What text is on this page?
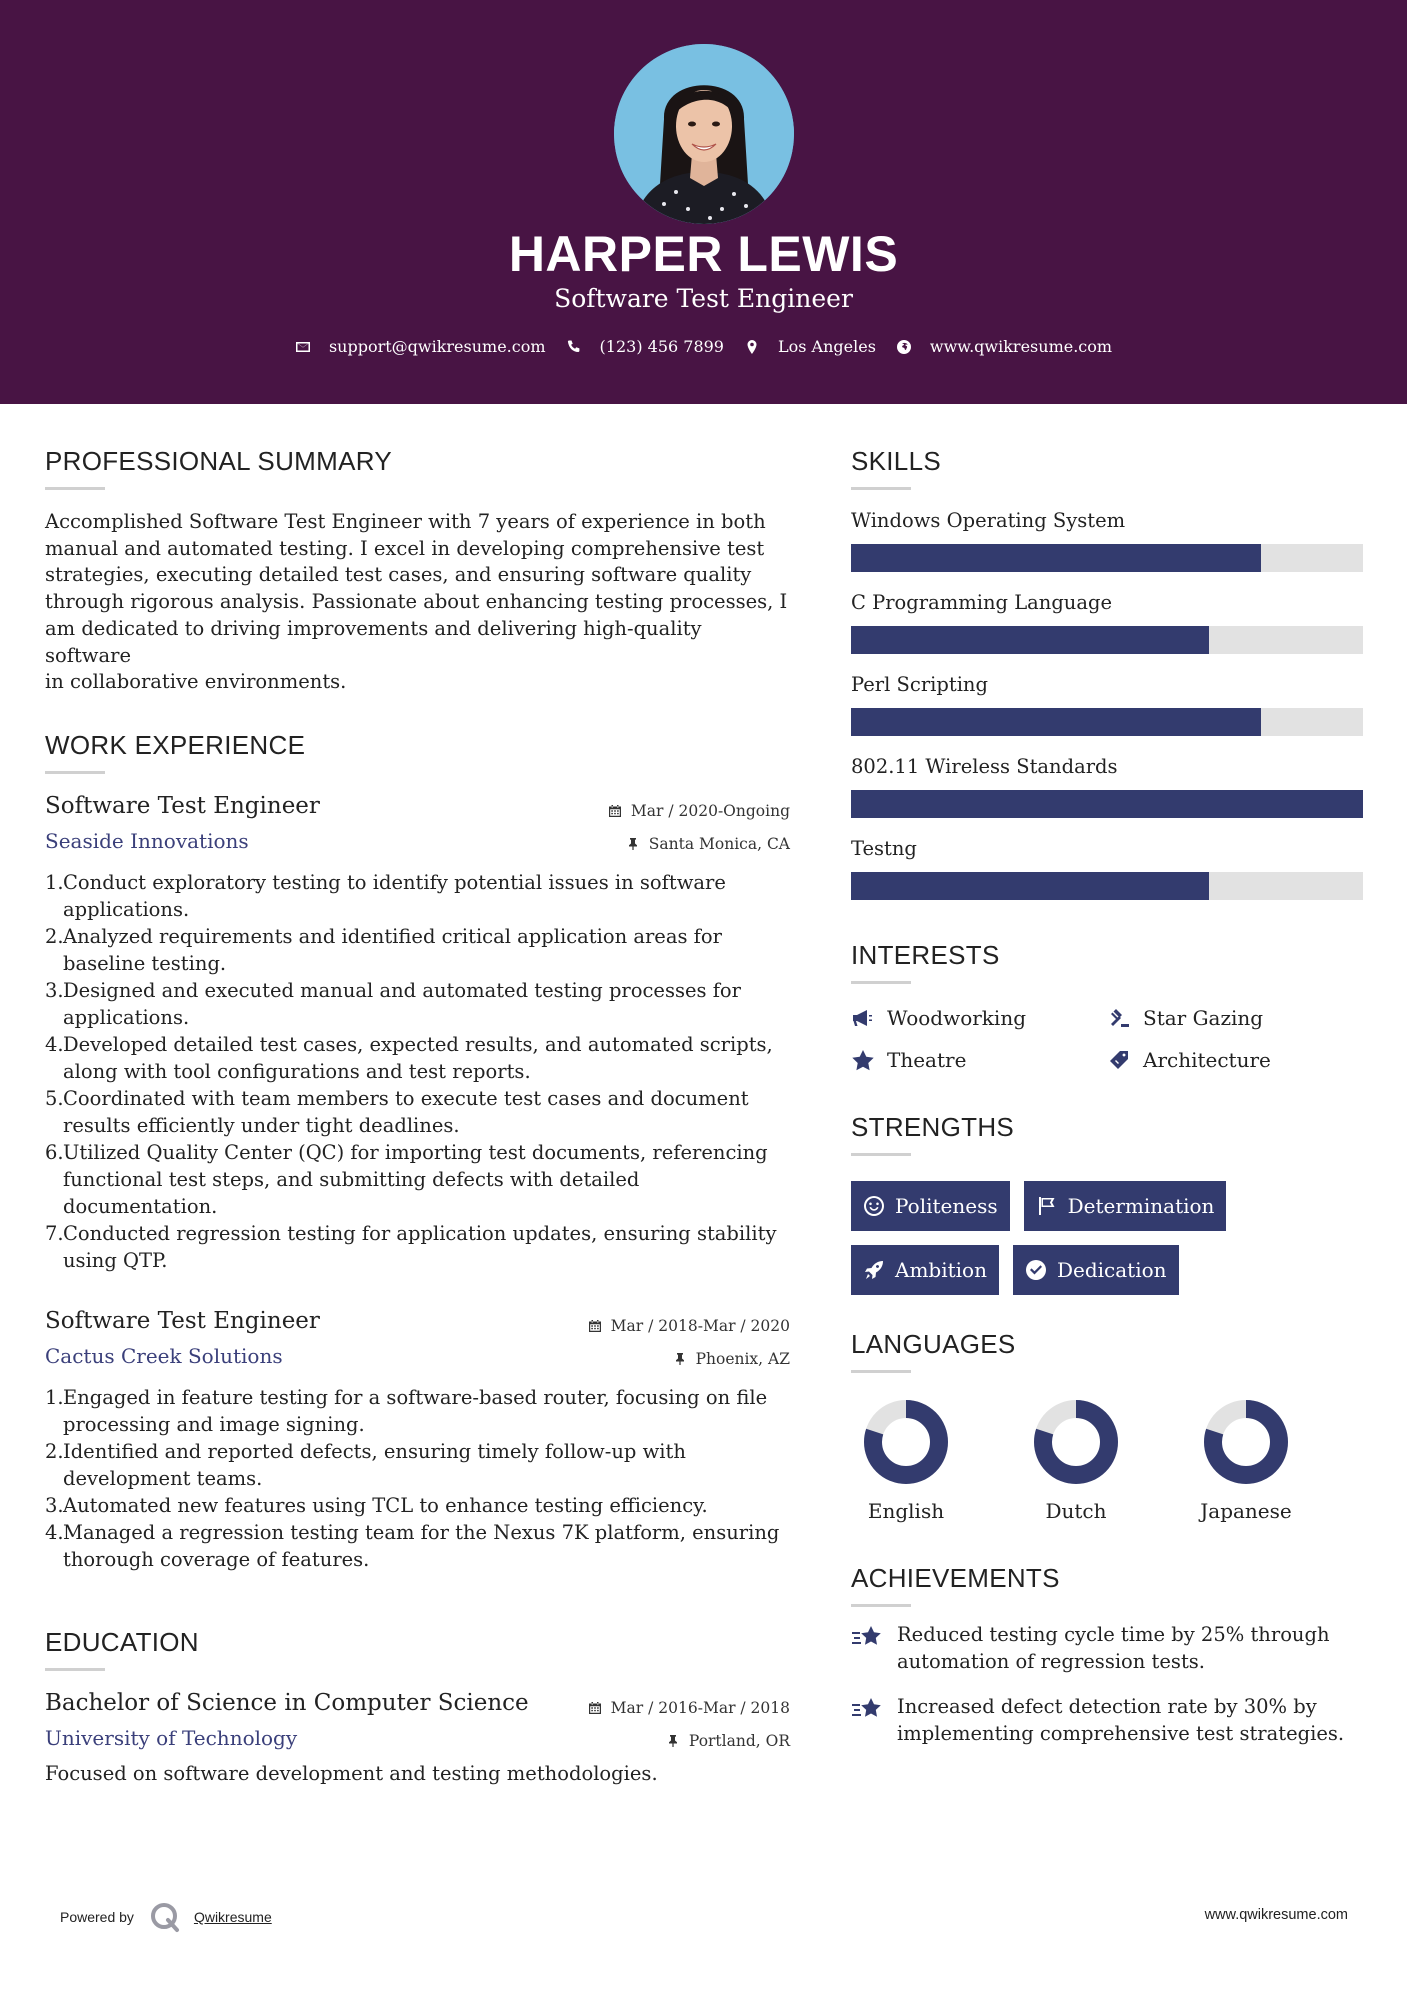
HARPER LEWIS
Software Test Engineer
support@qwikresume.com	(123) 456 7899	Los Angeles	www.qwikresume.com
PROFESSIONAL SUMMARY
Accomplished Software Test Engineer with 7 years of experience in both
manual and automated testing. I excel in developing comprehensive test
strategies, executing detailed test cases, and ensuring software quality
through rigorous analysis. Passionate about enhancing testing processes, I
am dedicated to driving improvements and delivering high-quality software
in collaborative environments.
WORK EXPERIENCE
Software Test Engineer
Seaside Innovations
Mar / 2020-Ongoing
Santa Monica, CA
1. Conduct exploratory testing to identify potential issues in software
applications.
2. Analyzed requirements and identified critical application areas for
baseline testing.
3. Designed and executed manual and automated testing processes for
applications.
4. Developed detailed test cases, expected results, and automated scripts,
along with tool configurations and test reports.
5. Coordinated with team members to execute test cases and document
results efficiently under tight deadlines.
6. Utilized Quality Center (QC) for importing test documents, referencing
functional test steps, and submitting defects with detailed documentation.
7. Conducted regression testing for application updates, ensuring stability
using QTP.
Software Test Engineer
Cactus Creek Solutions
Mar / 2018-Mar / 2020
Phoenix, AZ
1. Engaged in feature testing for a software-based router, focusing on file
processing and image signing.
2. Identified and reported defects, ensuring timely follow-up with
development teams.
3. Automated new features using TCL to enhance testing efficiency.
4. Managed a regression testing team for the Nexus 7K platform, ensuring
thorough coverage of features.
EDUCATION
Bachelor of Science in Computer Science
University of Technology
Mar / 2016-Mar / 2018
Portland, OR
Focused on software development and testing methodologies.
SKILLS
Windows Operating System
C Programming Language
Perl Scripting
802.11 Wireless Standards
Testng
INTERESTS
Woodworking	Star Gazing
Theatre	Architecture
STRENGTHS
Politeness	Determination
Ambition	Dedication
LANGUAGES
English	Dutch	Japanese
ACHIEVEMENTS
Reduced testing cycle time by 25% through
automation of regression tests.
Increased defect detection rate by 30% by
implementing comprehensive test strategies.
Powered by	Qwikresume	www.qwikresume.com
